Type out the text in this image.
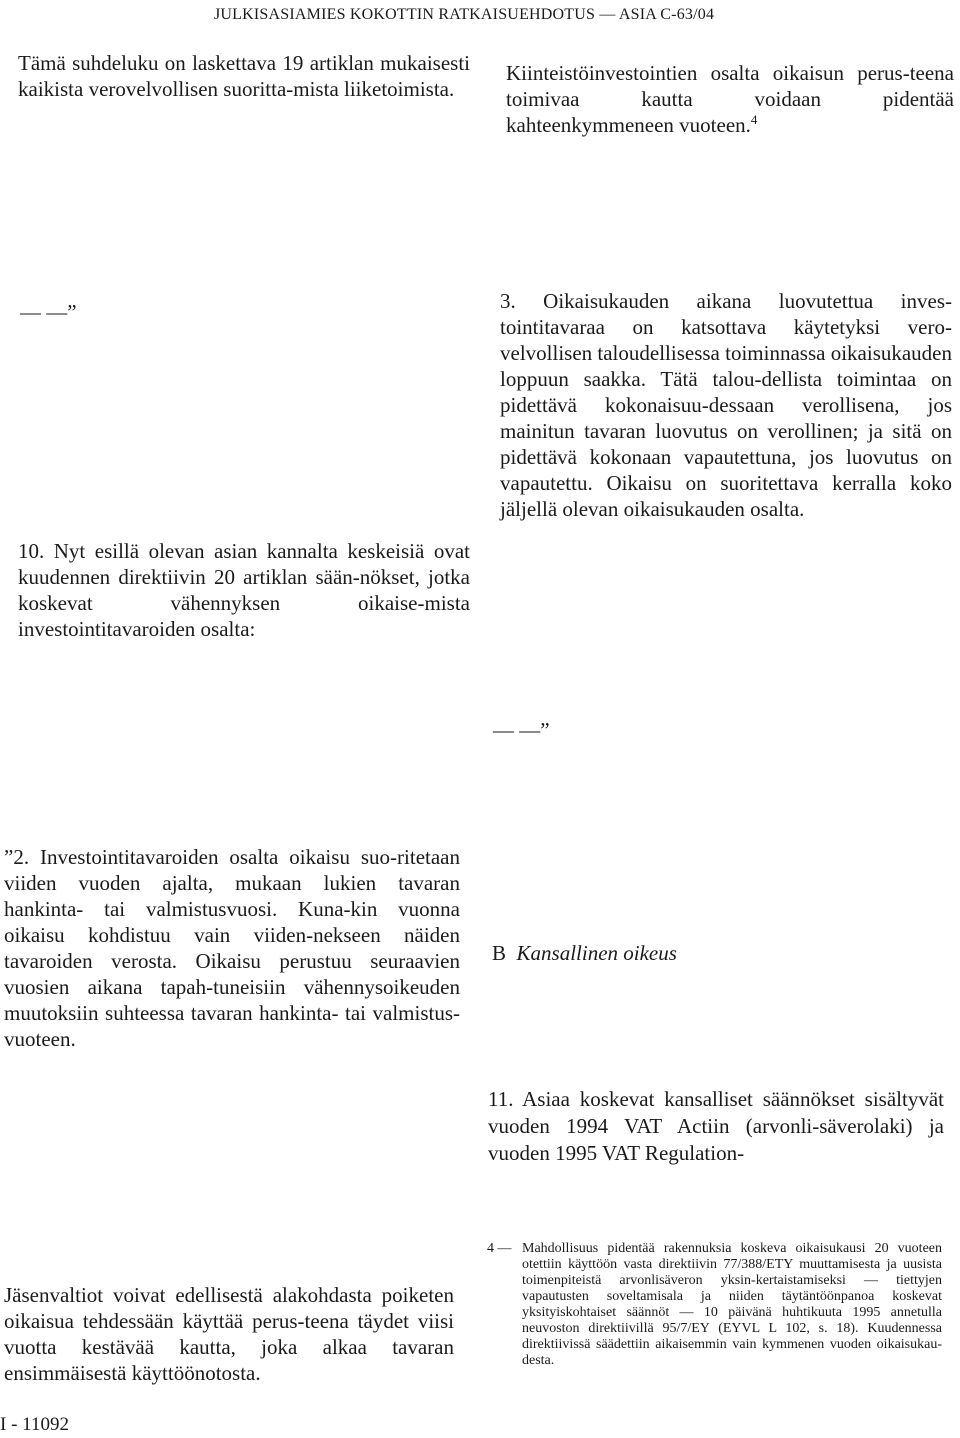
JULKISASIAMIES KOKOTTIN RATKAISUEHDOTUS — ASIA C-63/04

Tämä suhdeluku on laskettava 19 artiklan mukaisesti kaikista verovelvollisen suoritta-mista liiketoimista.

— —”

10. Nyt esillä olevan asian kannalta keskeisiä ovat kuudennen direktiivin 20 artiklan sään-nökset, jotka koskevat vähennyksen oikaise-mista investointitavaroiden osalta:

”2. Investointitavaroiden osalta oikaisu suo-ritetaan viiden vuoden ajalta, mukaan lukien tavaran hankinta- tai valmistusvuosi. Kuna-kin vuonna oikaisu kohdistuu vain viiden-nekseen näiden tavaroiden verosta. Oikaisu perustuu seuraavien vuosien aikana tapah-tuneisiin vähennysoikeuden muutoksiin suhteessa tavaran hankinta- tai valmistus-vuoteen.

Jäsenvaltiot voivat edellisestä alakohdasta poiketen oikaisua tehdessään käyttää perus-teena täydet viisi vuotta kestävää kautta, joka alkaa tavaran ensimmäisestä käyttöönotosta.

Kiinteistöinvestointien osalta oikaisun perus-teena toimivaa kautta voidaan pidentää kahteenkymmeneen vuoteen.$^4$

3. Oikaisukauden aikana luovutettua inves-tointitavaraa on katsottava käytetyksi vero-velvollisen taloudellisessa toiminnassa oikaisukauden loppuun saakka. Tätä talou-dellista toimintaa on pidettävä kokonaisuu-dessaan verollisena, jos mainitun tavaran luovutus on verollinen; ja sitä on pidettävä kokonaan vapautettuna, jos luovutus on vapautettu. Oikaisu on suoritettava kerralla koko jäljellä olevan oikaisukauden osalta.

— —”
B Kansallinen oikeus

11. Asiaa koskevat kansalliset säännökset sisältyvät vuoden 1994 VAT Actiin (arvonli-säverolaki) ja vuoden 1995 VAT Regulation-

4 — Mahdollisuus pidentää rakennuksia koskeva oikaisukausi 20 vuoteen otettiin käyttöön vasta direktiivin 77/388/ETY muuttamisesta ja uusista toimenpiteistä arvonlisäveron yksin-kertaistamiseksi — tiettyjen vapautusten soveltamisala ja niiden täytäntöönpanoa koskevat yksityiskohtaiset säännöt — 10 päivänä huhtikuuta 1995 annetulla neuvoston direktiivillä 95/7/EY (EYVL L 102, s. 18). Kuudennessa direktiivissä säädettiin aikaisemmin vain kymmenen vuoden oikaisukau-desta.

I - 11092
